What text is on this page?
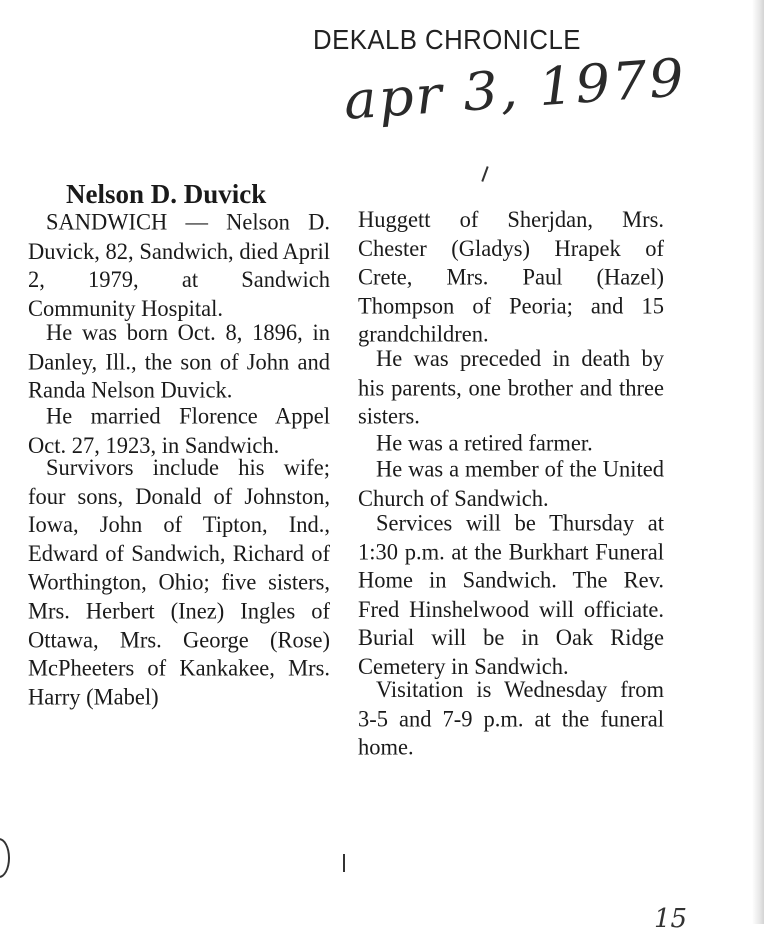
DEKALB CHRONICLE
apr 3, 1979
Nelson D. Duvick

SANDWICH — Nelson D. Duvick, 82, Sandwich, died April 2, 1979, at Sandwich Community Hospital.

He was born Oct. 8, 1896, in Danley, Ill., the son of John and Randa Nelson Duvick.

He married Florence Appel Oct. 27, 1923, in Sandwich.

Survivors include his wife; four sons, Donald of Johnston, Iowa, John of Tipton, Ind., Edward of Sandwich, Richard of Worthington, Ohio; five sisters, Mrs. Herbert (Inez) Ingles of Ottawa, Mrs. George (Rose) McPheeters of Kankakee, Mrs. Harry (Mabel)

Huggett of Sherjdan, Mrs. Chester (Gladys) Hrapek of Crete, Mrs. Paul (Hazel) Thompson of Peoria; and 15 grandchildren.

He was preceded in death by his parents, one brother and three sisters.

He was a retired farmer.

He was a member of the United Church of Sandwich.

Services will be Thursday at 1:30 p.m. at the Burkhart Funeral Home in Sandwich. The Rev. Fred Hinshelwood will officiate. Burial will be in Oak Ridge Cemetery in Sandwich.

Visitation is Wednesday from 3-5 and 7-9 p.m. at the funeral home.

15
